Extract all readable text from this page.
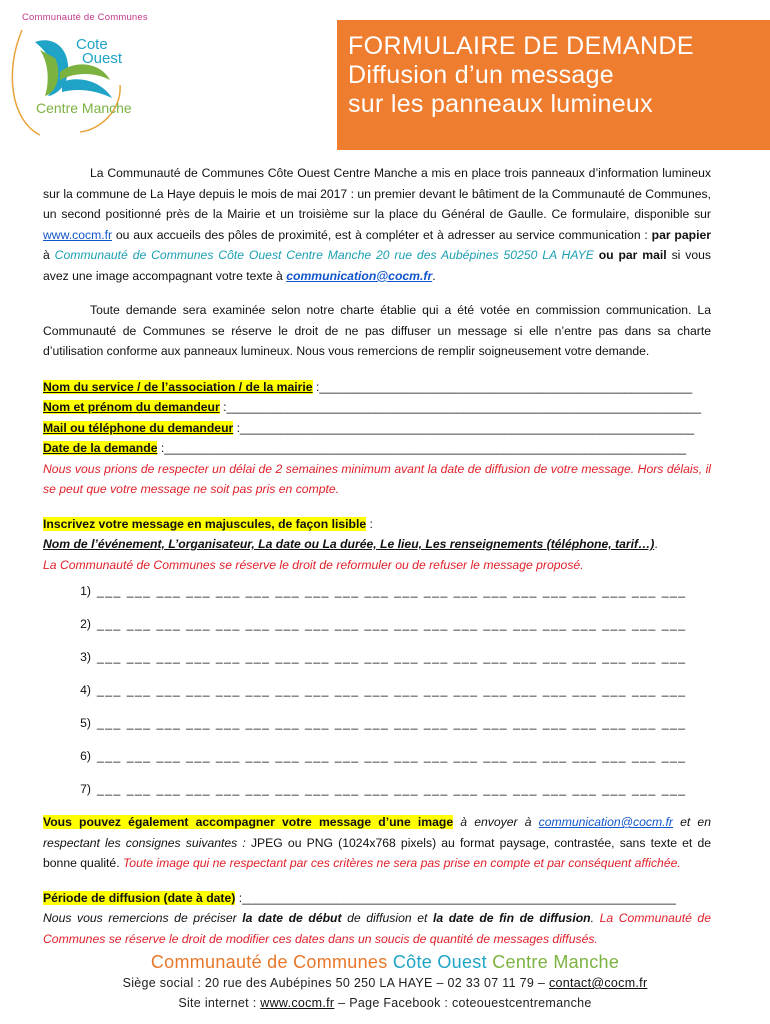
Communauté de Communes
Cote
Ouest
Centre Manche
FORMULAIRE DE DEMANDE
Diffusion d’un message
sur les panneaux lumineux

La Communauté de Communes Côte Ouest Centre Manche a mis en place trois panneaux d’information lumineux sur la commune de La Haye depuis le mois de mai 2017 : un premier devant le bâtiment de la Communauté de Communes, un second positionné près de la Mairie et un troisième sur la place du Général de Gaulle. Ce formulaire, disponible sur www.cocm.fr ou aux accueils des pôles de proximité, est à compléter et à adresser au service communication : par papier à Communauté de Communes Côte Ouest Centre Manche 20 rue des Aubépines 50250 LA HAYE ou par mail si vous avez une image accompagnant votre texte à communication@cocm.fr.

Toute demande sera examinée selon notre charte établie qui a été votée en commission communication. La Communauté de Communes se réserve le droit de ne pas diffuser un message si elle n’entre pas dans sa charte d’utilisation conforme aux panneaux lumineux. Nous vous remercions de remplir soigneusement votre demande.

Nom du service / de l’association / de la mairie :_______________________________________________________
Nom et prénom du demandeur :______________________________________________________________________
Mail ou téléphone du demandeur :___________________________________________________________________
Date de la demande :_____________________________________________________________________________

Nous vous prions de respecter un délai de 2 semaines minimum avant la date de diffusion de votre message. Hors délais, il se peut que votre message ne soit pas pris en compte.

Inscrivez votre message en majuscules, de façon lisible :
Nom de l’événement, L’organisateur, La date ou La durée, Le lieu, Les renseignements (téléphone, tarif…).
La Communauté de Communes se réserve le droit de reformuler ou de refuser le message proposé.
1) ___ ___ ___ ___ ___ ___ ___ ___ ___ ___ ___ ___ ___ ___ ___ ___ ___ ___ ___ ___
2) ___ ___ ___ ___ ___ ___ ___ ___ ___ ___ ___ ___ ___ ___ ___ ___ ___ ___ ___ ___
3) ___ ___ ___ ___ ___ ___ ___ ___ ___ ___ ___ ___ ___ ___ ___ ___ ___ ___ ___ ___
4) ___ ___ ___ ___ ___ ___ ___ ___ ___ ___ ___ ___ ___ ___ ___ ___ ___ ___ ___ ___
5) ___ ___ ___ ___ ___ ___ ___ ___ ___ ___ ___ ___ ___ ___ ___ ___ ___ ___ ___ ___
6) ___ ___ ___ ___ ___ ___ ___ ___ ___ ___ ___ ___ ___ ___ ___ ___ ___ ___ ___ ___
7) ___ ___ ___ ___ ___ ___ ___ ___ ___ ___ ___ ___ ___ ___ ___ ___ ___ ___ ___ ___

Vous pouvez également accompagner votre message d’une image à envoyer à communication@cocm.fr et en respectant les consignes suivantes : JPEG ou PNG (1024x768 pixels) au format paysage, contrastée, sans texte et de bonne qualité. Toute image qui ne respectant par ces critères ne sera pas prise en compte et par conséquent affichée.

Période de diffusion (date à date) :________________________________________________________________

Nous vous remercions de préciser la date de début de diffusion et la date de fin de diffusion. La Communauté de Communes se réserve le droit de modifier ces dates dans un soucis de quantité de messages diffusés.

Communauté de Communes Côte Ouest Centre Manche
Siège social : 20 rue des Aubépines 50 250 LA HAYE – 02 33 07 11 79 – contact@cocm.fr
Site internet : www.cocm.fr – Page Facebook : coteouestcentremanche
